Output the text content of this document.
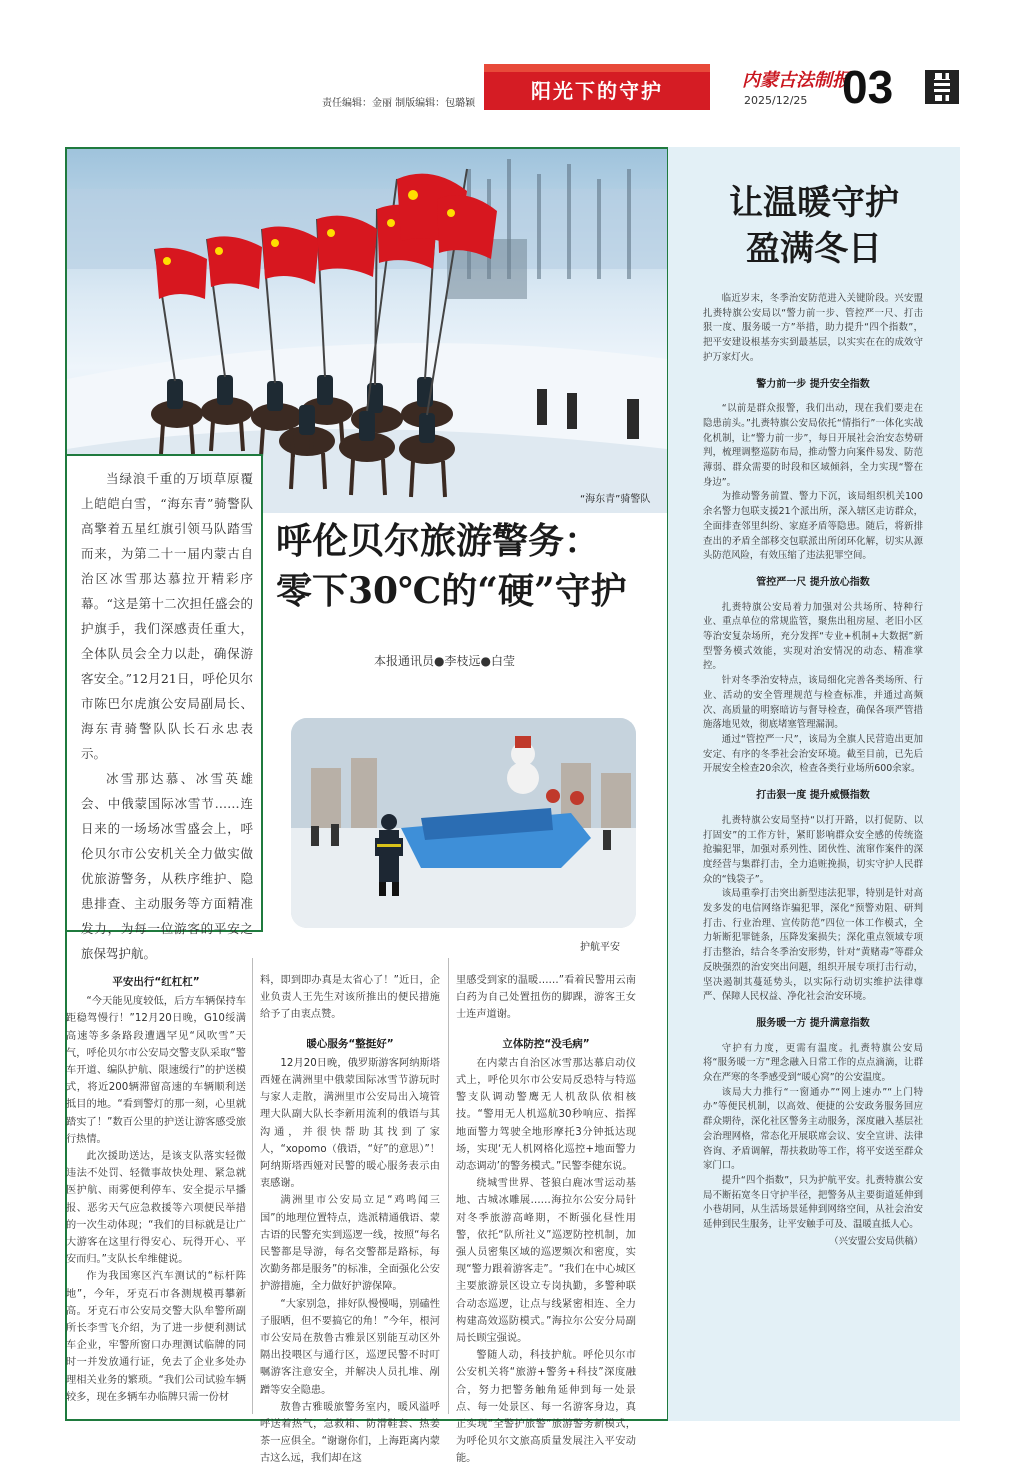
责任编辑：金丽 制版编辑：包璐颖
阳光下的守护	内蒙古法制报
2025/12/25 03
“海东青”骑警队

当绿浪千重的万顷草原覆上皑皑白雪，“海东青”骑警队高擎着五星红旗引领马队踏雪而来，为第二十一届内蒙古自治区冰雪那达慕拉开精彩序幕。“这是第十二次担任盛会的护旗手，我们深感责任重大，全体队员会全力以赴，确保游客安全。”12月21日，呼伦贝尔市陈巴尔虎旗公安局副局长、海东青骑警队队长石永忠表示。

冰雪那达慕、冰雪英雄会、中俄蒙国际冰雪节……连日来的一场场冰雪盛会上，呼伦贝尔市公安机关全力做实做优旅游警务，从秩序维护、隐患排查、主动服务等方面精准发力，为每一位游客的平安之旅保驾护航。

呼伦贝尔旅游警务：
零下30℃的“硬”守护
本报通讯员●李枝远●白莹
护航平安
平安出行“红杠杠”

“今天能见度较低，后方车辆保持车距稳驾慢行！”12月20日晚，G10绥满高速等多条路段遭遇罕见“风吹雪”天气，呼伦贝尔市公安局交警支队采取“警车开道、编队护航、限速缓行”的护送模式，将近200辆滞留高速的车辆顺利送抵目的地。“看到警灯的那一刻，心里就踏实了！”数百公里的护送让游客感受旅行热情。

此次援助送达，是该支队落实轻微违法不处罚、轻微事故快处理、紧急就医护航、雨雾便利停车、安全提示早播报、恶劣天气应急救援等六项便民举措的一次生动体现；“我们的目标就是让广大游客在这里行得安心、玩得开心、平安而归。”支队长牟维健说。

作为我国寒区汽车测试的“标杆阵地”，今年，牙克石市各测规模再攀新高。牙克石市公安局交警大队牟警所副所长李雪飞介绍，为了进一步便利测试车企业，牢警所窗口办理测试临牌的同时一并发放通行证，免去了企业多处办理相关业务的繁琐。“我们公司试验车辆较多，现在多辆车办临牌只需一份材

料，即到即办真是太省心了！”近日，企业负责人王先生对该所推出的便民措施给予了由衷点赞。

暖心服务“整挺好”

12月20日晚，俄罗斯游客阿纳斯塔西娅在满洲里中俄蒙国际冰雪节游玩时与家人走散，满洲里市公安局出入境管理大队副大队长李新用流利的俄语与其沟通，并很快帮助其找到了家人，“xopomo（俄语，“好”的意思）”！阿纳斯塔西娅对民警的暖心服务表示由衷感谢。

满洲里市公安局立足“鸡鸣闻三国”的地理位置特点，选派精通俄语、蒙古语的民警充实到巡逻一线，按照“每名民警都是导游，每名交警都是路标，每次勤务都是服务”的标准，全面强化公安护游措施，全力做好护游保障。

“大家别急，排好队慢慢喝，别磕性子服晒，但不要搞它的角！”今年，根河市公安局在敖鲁古雅景区别能互动区外隔出投喂区与通行区，巡逻民警不时叮嘱游客注意安全，并解决人员扎堆、剐蹭等安全隐患。

敖鲁古雅暖旅警务室内，暖风溢呼呼送着热气，急救箱、防滑鞋套、热姜茶一应俱全。“谢谢你们，上海距离内蒙古这么远，我们却在这

里感受到家的温暖……”看着民警用云南白药为自己处置扭伤的脚踝，游客王女士连声道谢。

立体防控“没毛病”

在内蒙古自治区冰雪那达慕启动仪式上，呼伦贝尔市公安局反恐特与特巡警支队调动警鹰无人机敌队依相核技。“警用无人机巡航30秒响应、指挥地面警力驾驶全地形摩托3分钟抵达现场，实现‘无人机网格化巡控+地面警力动态调动’的警务模式。”民警李健东说。

绕城雪世界、苍狼白鹿冰雪运动基地、古城冰雕展……海拉尔公安分局针对冬季旅游高峰期，不断强化昼性用警，依托“队所社义”巡逻防控机制，加强人员密集区域的巡逻频次和密度，实现“警力跟着游客走”。“我们在中心城区主要旅游景区设立专岗执勤，多警种联合动态巡逻，让点与线紧密相连、全力构建高效巡防模式。”海拉尔公安分局副局长顾宝强说。

警随人动，科技护航。呼伦贝尔市公安机关将“旅游+警务+科技”深度融合，努力把警务触角延伸到每一处景点、每一处景区、每一名游客身边，真正实现“全警护旅警”旅游警务新模式，为呼伦贝尔文旅高质量发展注入平安动能。

让温暖守护
盈满冬日

临近岁末，冬季治安防范进入关键阶段。兴安盟扎赉特旗公安局以“警力前一步、管控严一尺、打击狠一度、服务暖一方”举措，助力提升“四个指数”，把平安建设根基夯实到最基层，以实实在在的成效守护万家灯火。

警力前一步 提升安全指数

“以前是群众报警，我们出动，现在我们要走在隐患前头。”扎赉特旗公安局依托“情指行”一体化实战化机制，让“警力前一步”，每日开展社会治安态势研判，梳理调整巡防布局，推动警力向案件易发、防范薄弱、群众需要的时段和区域倾斜，全力实现“警在身边”。

为推动警务前置、警力下沉，该局组织机关100余名警力包联支援21个派出所，深入辖区走访群众，全面排查邻里纠纷、家庭矛盾等隐患。随后，将新排查出的矛盾全部移交包联派出所闭环化解，切实从源头防范风险，有效压缩了违法犯罪空间。

管控严一尺 提升放心指数

扎赉特旗公安局着力加强对公共场所、特种行业、重点单位的常规监管，聚焦出租房屋、老旧小区等治安复杂场所，充分发挥“专业+机制+大数据”新型警务模式效能，实现对治安情况的动态、精准掌控。

针对冬季治安特点，该局细化完善各类场所、行业、活动的安全管理规范与检查标准，并通过高频次、高质量的明察暗访与督导检查，确保各项严管措施落地见效，彻底堵塞管理漏洞。

通过“管控严一尺”，该局为全旗人民营造出更加安定、有序的冬季社会治安环境。截至目前，已先后开展安全检查20余次，检查各类行业场所600余家。

打击狠一度 提升威慑指数

扎赉特旗公安局坚持“以打开路，以打促防、以打固安”的工作方针，紧盯影响群众安全感的传统盗抢骗犯罪，加强对系列性、团伙性、流窜作案件的深度经营与集群打击，全力追赃挽损，切实守护人民群众的“钱袋子”。

该局重拳打击突出新型违法犯罪，特别是针对高发多发的电信网络诈骗犯罪，深化“预警劝阻、研判打击、行业治理、宣传防范”四位一体工作模式，全力斩断犯罪链条，压降发案损失；深化重点领域专项打击整治，结合冬季治安形势，针对“黄赌毒”等群众反映强烈的治安突出问题，组织开展专项打击行动，坚决遏制其蔓延势头，以实际行动切实维护法律尊严、保障人民权益、净化社会治安环境。

服务暖一方 提升满意指数

守护有力度，更需有温度。扎赉特旗公安局将“服务暖一方”理念融入日常工作的点点滴滴，让群众在严寒的冬季感受到“暖心窝”的公安温度。

该局大力推行“一窗通办”“网上速办”“上门特办”等便民机制，以高效、便捷的公安政务服务回应群众期待，深化社区警务主动服务，深度融入基层社会治理网格，常态化开展联席会议、安全宣讲、法律咨询、矛盾调解，帮扶救助等工作，将平安送至群众家门口。

提升“四个指数”，只为护航平安。扎赉特旗公安局不断拓宽冬日守护半径，把警务从主要街道延伸到小巷胡同，从生活场景延伸到网络空间，从社会治安延伸到民生服务，让平安触手可及、温暖直抵人心。

（兴安盟公安局供稿）
